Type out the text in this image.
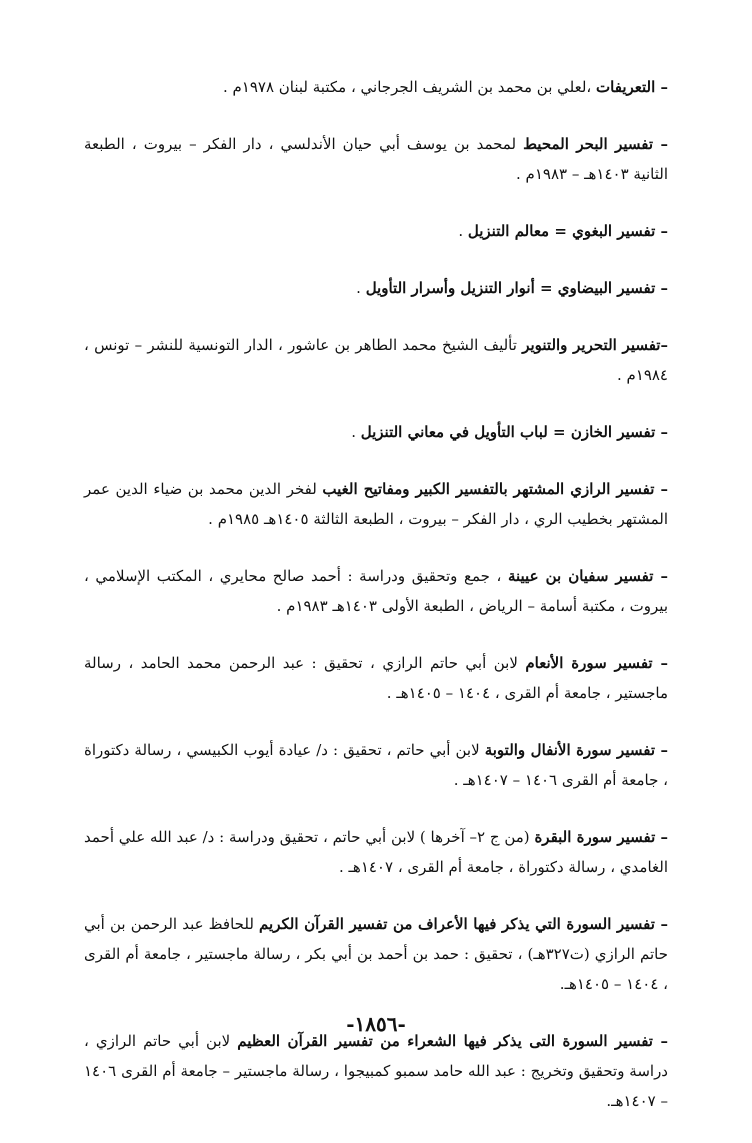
– التعريفات ،لعلي بن محمد بن الشريف الجرجاني ، مكتبة لبنان ١٩٧٨م .

– تفسير البحر المحيط لمحمد بن يوسف أبي حيان الأندلسي ، دار الفكر – بيروت ، الطبعة الثانية ١٤٠٣هـ – ١٩٨٣م .

– تفسير البغوي = معالم التنزيل .

– تفسير البيضاوي = أنوار التنزيل وأسرار التأويل .

–تفسير التحرير والتنوير تأليف الشيخ محمد الطاهر بن عاشور ، الدار التونسية للنشر – تونس ، ١٩٨٤م .

– تفسير الخازن = لباب التأويل في معاني التنزيل .

– تفسير الرازي المشتهر بالتفسير الكبير ومفاتيح الغيب لفخر الدين محمد بن ضياء الدين عمر المشتهر بخطيب الري ، دار الفكر – بيروت ، الطبعة الثالثة ١٤٠٥هـ ١٩٨٥م .

– تفسير سفيان بن عيينة ، جمع وتحقيق ودراسة : أحمد صالح محايري ، المكتب الإسلامي ، بيروت ، مكتبة أسامة – الرياض ، الطبعة الأولى ١٤٠٣هـ ١٩٨٣م .

– تفسير سورة الأنعام لابن أبي حاتم الرازي ، تحقيق : عبد الرحمن محمد الحامد ، رسالة ماجستير ، جامعة أم القرى ، ١٤٠٤ – ١٤٠٥هـ .

– تفسير سورة الأنفال والتوبة لابن أبي حاتم ، تحقيق : د/ عيادة أيوب الكبيسي ، رسالة دكتوراة ، جامعة أم القرى ١٤٠٦ – ١٤٠٧هـ .

– تفسير سورة البقرة (من ج ٢– آخرها ) لابن أبي حاتم ، تحقيق ودراسة : د/ عبد الله علي أحمد الغامدي ، رسالة دكتوراة ، جامعة أم القرى ، ١٤٠٧هـ .

– تفسير السورة التي يذكر فيها الأعراف من تفسير القرآن الكريم للحافظ عبد الرحمن بن أبي حاتم الرازي (ت٣٢٧هـ) ، تحقيق : حمد بن أحمد بن أبي بكر ، رسالة ماجستير ، جامعة أم القرى ، ١٤٠٤ – ١٤٠٥هـ.

– تفسير السورة التى يذكر فيها الشعراء من تفسير القرآن العظيم لابن أبي حاتم الرازي ، دراسة وتحقيق وتخريج : عبد الله حامد سمبو كمبيجوا ، رسالة ماجستير – جامعة أم القرى ١٤٠٦ – ١٤٠٧هـ.

-١٨٥٦-
